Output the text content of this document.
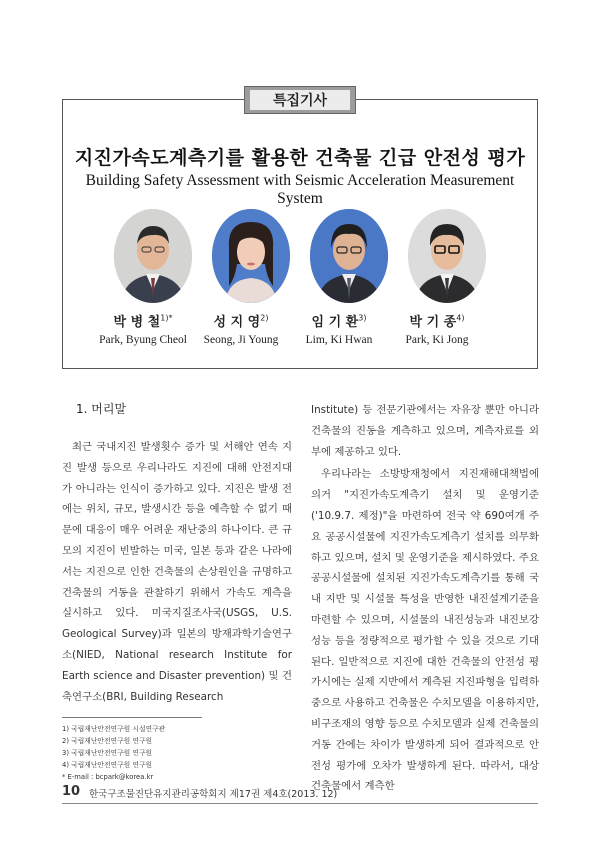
특집기사
지진가속도계측기를 활용한 건축물 긴급 안전성 평가
Building Safety Assessment with Seismic Acceleration Measurement System
박 병 철$^{1)*}$	성 지 영$^{2)}$	임 기 환$^{3)}$	박 기 종$^{4)}$
Park, Byung Cheol	Seong, Ji Young	Lim, Ki Hwan	Park, Ki Jong
1. 머리말

최근 국내지진 발생횟수 증가 및 서해안 연속 지진 발생 등으로 우리나라도 지진에 대해 안전지대가 아니라는 인식이 증가하고 있다. 지진은 발생 전에는 위치, 규모, 발생시간 등을 예측할 수 없기 때문에 대응이 매우 어려운 재난중의 하나이다. 큰 규모의 지진이 빈발하는 미국, 일본 등과 같은 나라에서는 지진으로 인한 건축물의 손상원인을 규명하고 건축물의 거동을 관찰하기 위해서 가속도 계측을 실시하고 있다. 미국지질조사국(USGS, U.S. Geological Survey)과 일본의 방재과학기술연구소(NIED, National research Institute for Earth science and Disaster prevention) 및 건축연구소(BRI, Building Research

1) 국립재난안전연구원 시설연구관
2) 국립재난안전연구원 연구원
3) 국립재난안전연구원 연구원
4) 국립재난안전연구원 연구원
* E-mail : bcpark@korea.kr

Institute) 등 전문기관에서는 자유장 뿐만 아니라 건축물의 진동을 계측하고 있으며, 계측자료를 외부에 제공하고 있다.

우리나라는 소방방재청에서 지진재해대책법에 의거 "지진가속도계측기 설치 및 운영기준('10.9.7. 제정)"을 마련하여 전국 약 690여개 주요 공공시설물에 지진가속도계측기 설치를 의무화하고 있으며, 설치 및 운영기준을 제시하였다. 주요 공공시설물에 설치된 지진가속도계측기를 통해 국내 지반 및 시설물 특성을 반영한 내진설계기준을 마련할 수 있으며, 시설물의 내진성능과 내진보강 성능 등을 정량적으로 평가할 수 있을 것으로 기대된다. 일반적으로 지진에 대한 건축물의 안전성 평가시에는 실제 지반에서 계측된 지진파형을 입력하중으로 사용하고 건축물은 수치모델을 이용하지만, 비구조재의 영향 등으로 수치모델과 실제 건축물의 거동 간에는 차이가 발생하게 되어 결과적으로 안전성 평가에 오차가 발생하게 된다. 따라서, 대상 건축물에서 계측한

10 한국구조물진단유지관리공학회지 제17권 제4호(2013. 12)
